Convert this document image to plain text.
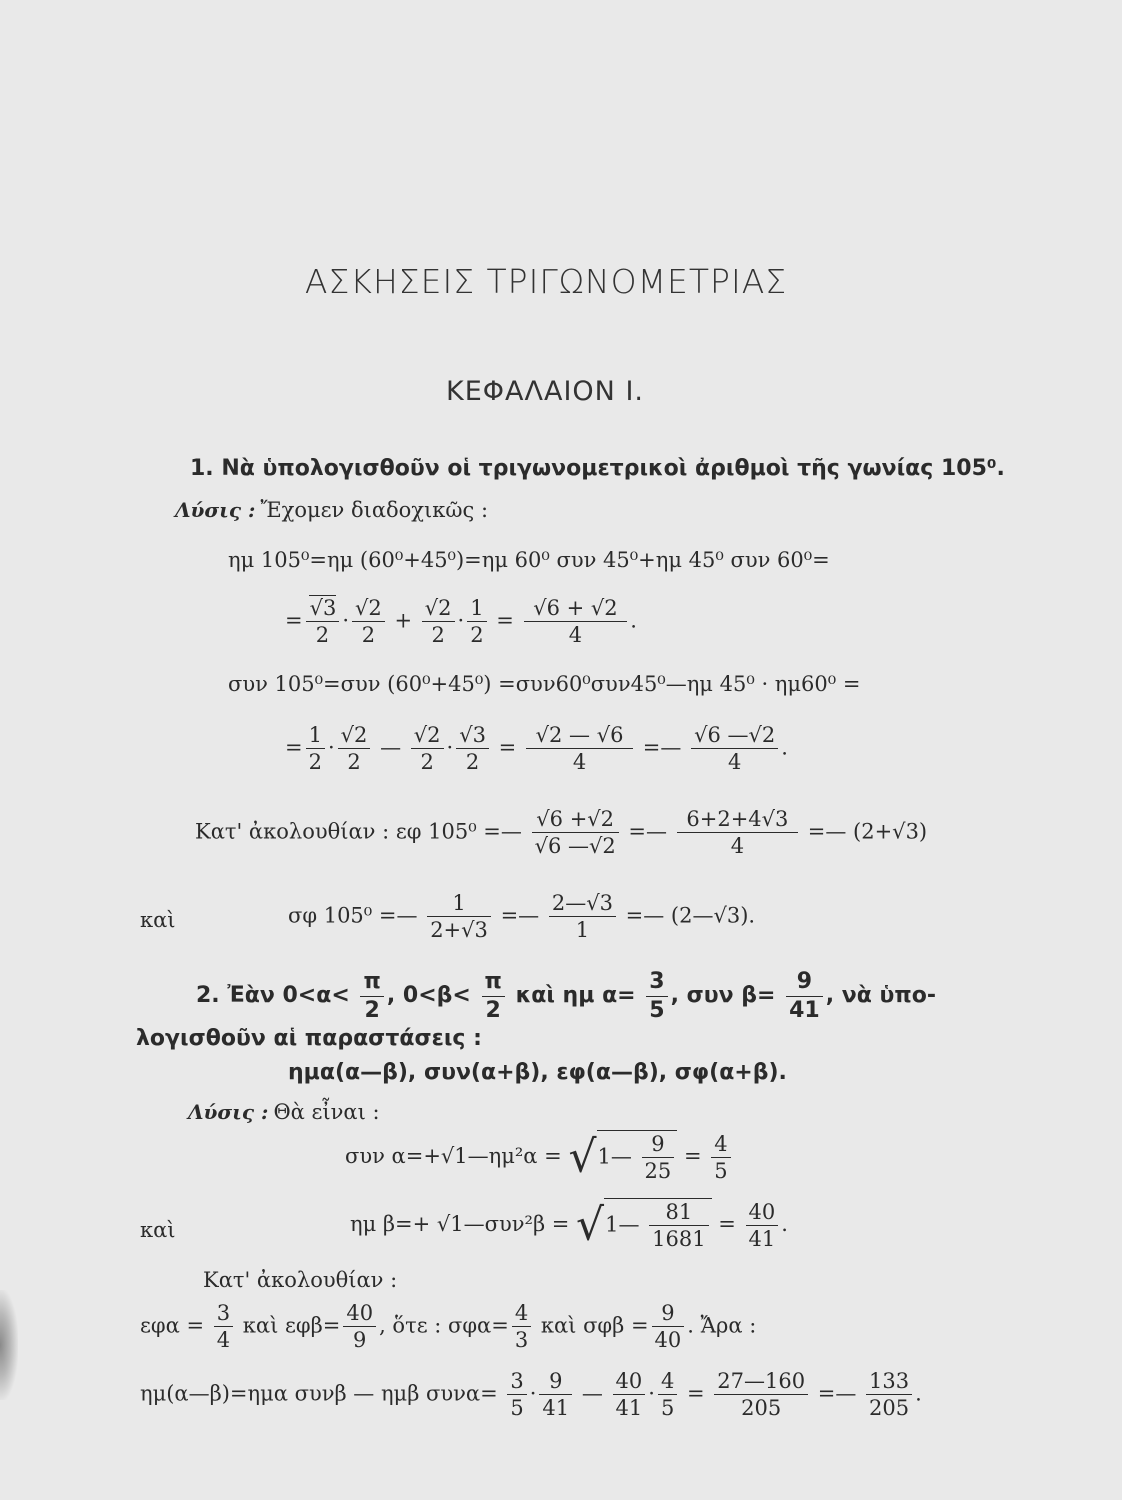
ΑΣΚΗΣΕΙΣ ΤΡΙΓΩΝΟΜΕΤΡΙΑΣ
ΚΕΦΑΛΑΙΟΝ Ι.
1. Νὰ ὑπολογισθοῦν οἱ τριγωνομετρικοὶ ἀριθμοὶ τῆς γωνίας 105⁰.
Λύσις : Ἔχομεν διαδοχικῶς :
ημ 105⁰=ημ (60⁰+45⁰)=ημ 60⁰ συν 45⁰+ημ 45⁰ συν 60⁰=
= $\frac{√3}{2} \cdot \frac{√2}{2} + \frac{√2}{2} \cdot \frac{1}{2} = \frac{√6 + √2}{4}$ .
συν 105⁰=συν (60⁰+45⁰) =συν60⁰συν45⁰—ημ 45⁰ · ημ60⁰ =
= $\frac{1}{2} \cdot \frac{√2}{2}$ — $\frac{√2}{2} \cdot \frac{√3}{2} = \frac{√2 — √6}{4}$ =— $\frac{√6 —√2}{4}$ .
Κατ' ἀκολουθίαν : εφ 105⁰ =— $\frac{√6 +√2}{√6 —√2}$ =— $\frac{6+2+4√3}{4}$ =— (2+√3)
καὶ	σφ 105⁰ =— $\frac{1}{2+√3}$ =— $\frac{2—√3}{1}$ =— (2—√3).
2. Ἐὰν $0<\alpha< \frac{\pi}{2}$ , $0<\beta< \frac{\pi}{2}$ καὶ ημ $\alpha= \frac{3}{5}$ , συν $\beta= \frac{9}{41}$ , νὰ ὑπο-
λογισθοῦν αἱ παραστάσεις :
ημα(α—β), συν(α+β), εφ(α—β), σφ(α+β).
Λύσις : Θὰ εἶναι :
συν α=+√1—ημ²α = √1— $\frac{9}{25} = \frac{4}{5}$
καὶ	ημ β=+ √1—συν²β = √1— $\frac{81}{1681} = \frac{40}{41}$ .
Κατ' ἀκολουθίαν :
$\varepsilon\varphi\alpha = \frac{3}{4}$ καὶ $\varepsilon\varphi\beta= \frac{40}{9}$ , ὅτε : $\sigma\varphi\alpha= \frac{4}{3}$ καὶ $\sigma\varphi\beta = \frac{9}{40}$ . Ἄρα :
ημ(α—β)=ημα συνβ — ημβ $\sigma\upsilon\nu\alpha= \frac{3}{5} \cdot \frac{9}{41}$ — $\frac{40}{41} \cdot \frac{4}{5} = \frac{27—160}{205}$ =— $\frac{133}{205}$ .
